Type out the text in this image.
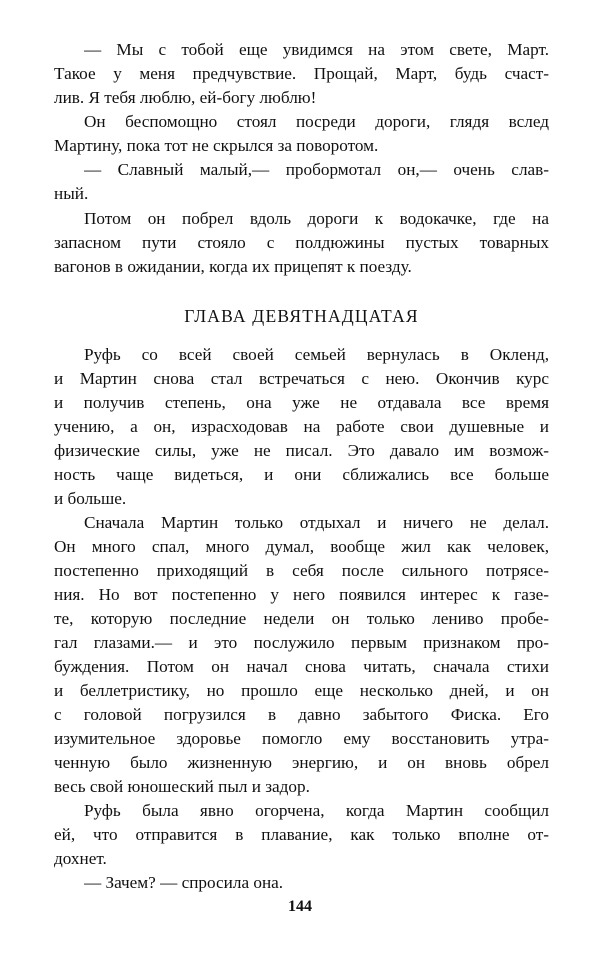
— Мы с тобой еще увидимся на этом свете, Март.
Такое у меня предчувствие. Прощай, Март, будь счаст-
лив. Я тебя люблю, ей-богу люблю!
Он беспомощно стоял посреди дороги, глядя вслед
Мартину, пока тот не скрылся за поворотом.
— Славный малый,— пробормотал он,— очень слав-
ный.
Потом он побрел вдоль дороги к водокачке, где на
запасном пути стояло с полдюжины пустых товарных
вагонов в ожидании, когда их прицепят к поезду.
ГЛАВА ДЕВЯТНАДЦАТАЯ
Руфь со всей своей семьей вернулась в Окленд,
и Мартин снова стал встречаться с нею. Окончив курс
и получив степень, она уже не отдавала все время
учению, а он, израсходовав на работе свои душевные и
физические силы, уже не писал. Это давало им возмож-
ность чаще видеться, и они сближались все больше
и больше.
Сначала Мартин только отдыхал и ничего не делал.
Он много спал, много думал, вообще жил как человек,
постепенно приходящий в себя после сильного потрясе-
ния. Но вот постепенно у него появился интерес к газе-
те, которую последние недели он только лениво пробе-
гал глазами.— и это послужило первым признаком про-
буждения. Потом он начал снова читать, сначала стихи
и беллетристику, но прошло еще несколько дней, и он
с головой погрузился в давно забытого Фиска. Его
изумительное здоровье помогло ему восстановить утра-
ченную было жизненную энергию, и он вновь обрел
весь свой юношеский пыл и задор.
Руфь была явно огорчена, когда Мартин сообщил
ей, что отправится в плавание, как только вполне от-
дохнет.
— Зачем? — спросила она.
144
